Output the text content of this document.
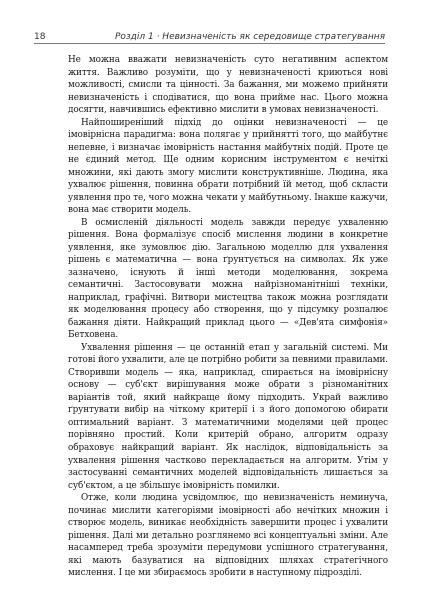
18	Розділ 1 · Невизначеність як середовище стратегування

Не можна вважати невизначеність суто негативним аспектом життя. Важливо розуміти, що у невизначеності криються нові можливості, смисли та цінності. За бажання, ми можемо прийняти невизначеність і сподіватися, що вона прийме нас. Цього можна досягти, навчившись ефективно мислити в умовах невизначеності.

Найпоширеніший підхід до оцінки невизначеності — це імовірнісна парадигма: вона полягає у прийнятті того, що майбутнє непевне, і визначає імовірність настання майбутніх подій. Проте це не єдиний метод. Ще одним корисним інструментом є нечіткі множини, які дають змогу мислити конструктивніше. Людина, яка ухвалює рішення, повинна обрати потрібний їй метод, щоб скласти уявлення про те, чого можна чекати у майбутньому. Інакше кажучи, вона має створити модель.

В осмисленій діяльності модель завжди передує ухваленню рішення. Вона формалізує спосіб мислення людини в конкретне уявлення, яке зумовлює дію. Загальною моделлю для ухвалення рішень є математична — вона ґрунтується на символах. Як уже зазначено, існують й інші методи моделювання, зокрема семантичні. Застосовувати можна найрізноманітніші техніки, наприклад, графічні. Витвори мистецтва також можна розглядати як моделювання процесу або створення, що у підсумку розпалює бажання діяти. Найкращий приклад цього — «Дев'ята симфонія» Бетховена.

Ухвалення рішення — це останній етап у загальній системі. Ми готові його ухвалити, але це потрібно робити за певними правилами. Створивши модель — яка, наприклад, спирається на імовірнісну основу — суб'єкт вирішування може обрати з різноманітних варіантів той, який найкраще йому підходить. Украй важливо ґрунтувати вибір на чіткому критерії і з його допомогою обирати оптимальний варіант. З математичними моделями цей процес порівняно простий. Коли критерій обрано, алгоритм одразу обраховує найкращий варіант. Як наслідок, відповідальність за ухвалення рішення частково перекладається на алгоритм. Утім у застосуванні семантичних моделей відповідальність лишається за суб'єктом, а це збільшує імовірність помилки.

Отже, коли людина усвідомлює, що невизначеність неминуча, починає мислити категоріями імовірності або нечітких множин і створює модель, виникає необхідність завершити процес і ухвалити рішення. Далі ми детально розглянемо всі концептуальні зміни. Але насамперед треба зрозуміти передумови успішного стратегування, які мають базуватися на відповідних шляхах стратегічного мислення. І це ми збираємось зробити в наступному підрозділі.
